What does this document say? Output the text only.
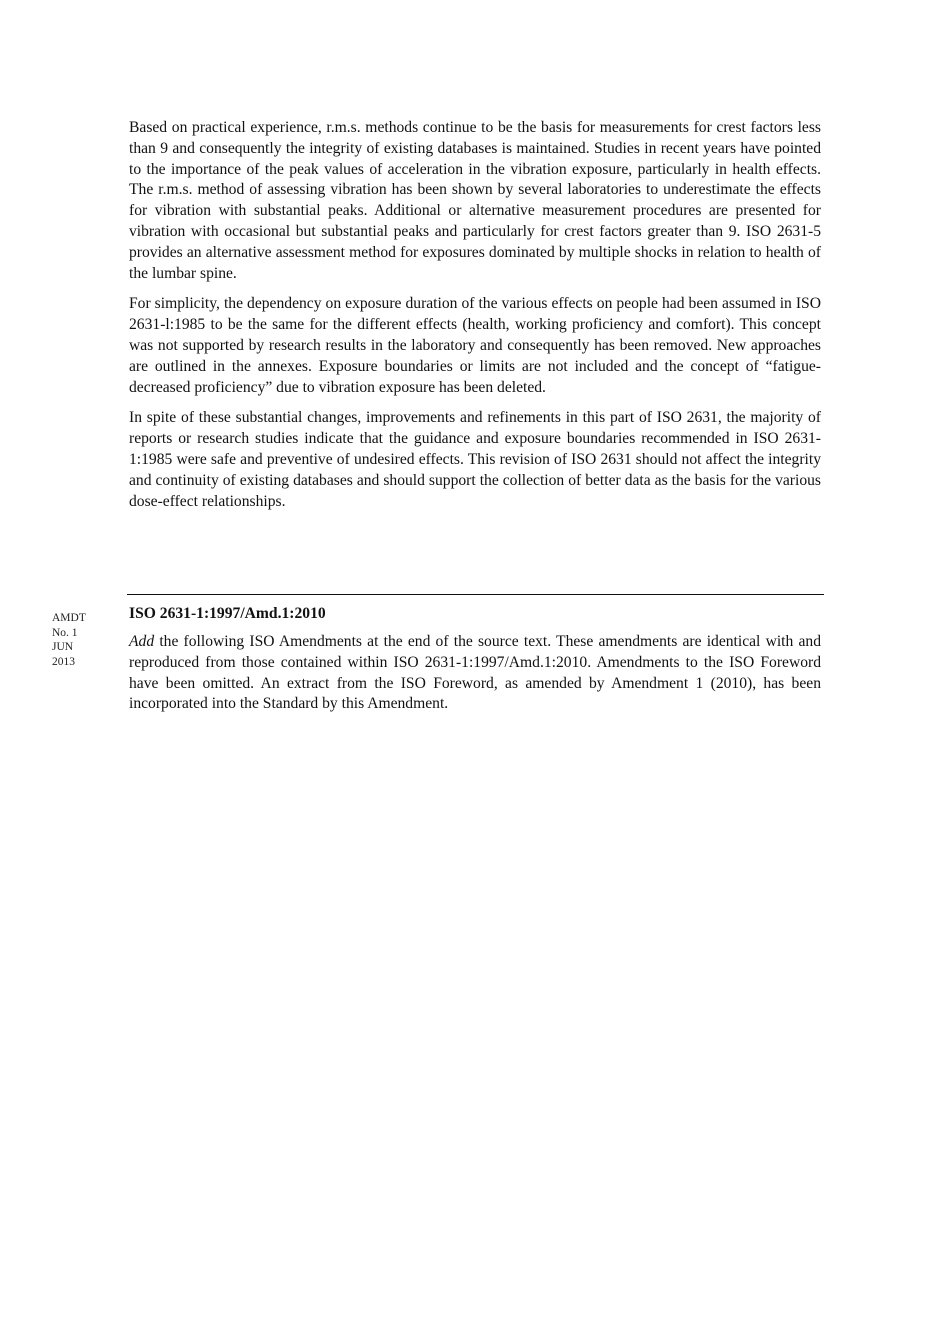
Based on practical experience, r.m.s. methods continue to be the basis for measurements for crest factors less than 9 and consequently the integrity of existing databases is maintained. Studies in recent years have pointed to the importance of the peak values of acceleration in the vibration exposure, particularly in health effects. The r.m.s. method of assessing vibration has been shown by several laboratories to underestimate the effects for vibration with substantial peaks. Additional or alternative measurement procedures are presented for vibration with occasional but substantial peaks and particularly for crest factors greater than 9. ISO 2631-5 provides an alternative assessment method for exposures dominated by multiple shocks in relation to health of the lumbar spine.

For simplicity, the dependency on exposure duration of the various effects on people had been assumed in ISO 2631-l:1985 to be the same for the different effects (health, working proficiency and comfort). This concept was not supported by research results in the laboratory and consequently has been removed. New approaches are outlined in the annexes. Exposure boundaries or limits are not included and the concept of “fatigue-decreased proficiency” due to vibration exposure has been deleted.

In spite of these substantial changes, improvements and refinements in this part of ISO 2631, the majority of reports or research studies indicate that the guidance and exposure boundaries recommended in ISO 2631-1:1985 were safe and preventive of undesired effects. This revision of ISO 2631 should not affect the integrity and continuity of existing databases and should support the collection of better data as the basis for the various dose-effect relationships.

AMDT
No. 1
JUN
2013
ISO 2631-1:1997/Amd.1:2010

Add the following ISO Amendments at the end of the source text. These amendments are identical with and reproduced from those contained within ISO 2631-1:1997/Amd.1:2010. Amendments to the ISO Foreword have been omitted. An extract from the ISO Foreword, as amended by Amendment 1 (2010), has been incorporated into the Standard by this Amendment.
